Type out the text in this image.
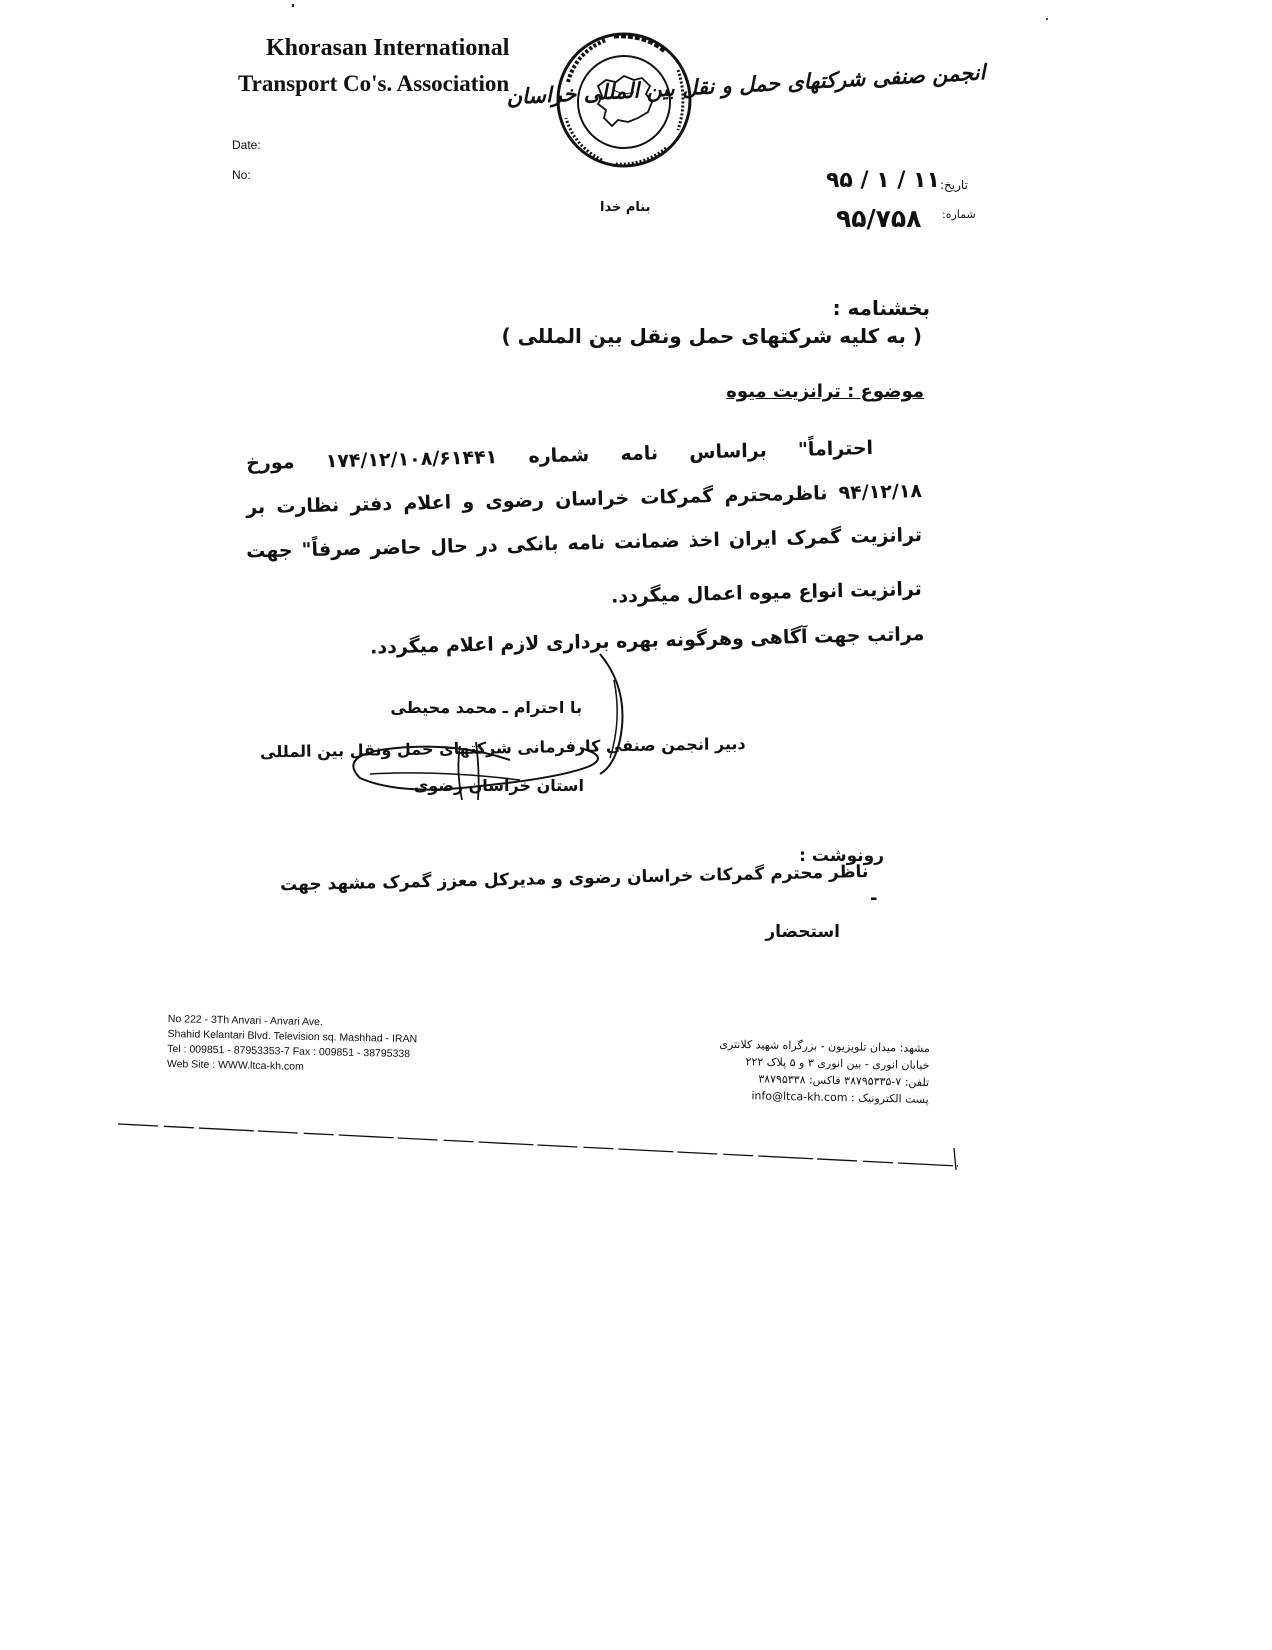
Khorasan International
Transport Co's. Association
Date:
No:
انجمن صنفی شرکتهای حمل و نقل بین المللی خراسان
تاریخ:
۱۱ / ۱ / ۹۵
شماره:
۹۵/۷۵۸
بنام خدا
بخشنامه :
( به کلیه شرکتهای حمل ونقل بین المللی )
موضوع : ترانزیت میوه
احتراماً" براساس نامه شماره ۱۷۴/۱۲/۱۰۸/۶۱۴۴۱ مورخ
۹۴/۱۲/۱۸ ناظرمحترم گمرکات خراسان رضوی و اعلام دفتر نظارت بر
ترانزیت گمرک ایران اخذ ضمانت نامه بانکی در حال حاضر صرفاً" جهت
ترانزیت انواع میوه اعمال میگردد.
مراتب جهت آگاهی وهرگونه بهره برداری لازم اعلام میگردد.
با احترام ـ محمد محیطی
دبیر انجمن صنفی کارفرمانی شرکتهای حمل ونقل بین المللی
استان خراسان رضوی
رونوشت :
ناظر محترم گمرکات خراسان رضوی و مدیرکل معزز گمرک مشهد جهت
-
استحضار
No 222 - 3Th Anvari - Anvari Ave.
Shahid Kelantari Blvd. Television sq. Mashhad - IRAN
Tel : 009851 - 87953353-7 Fax : 009851 - 38795338
Web Site : WWW.ltca-kh.com
مشهد: میدان تلویزیون - بزرگراه شهید کلانتری
خیابان انوری - بین انوری ۳ و ۵ پلاک ۲۲۲
تلفن: ۷-۳۸۷۹۵۳۳۵ فاکس: ۳۸۷۹۵۳۳۸
پست الکترونیک : info@ltca-kh.com
